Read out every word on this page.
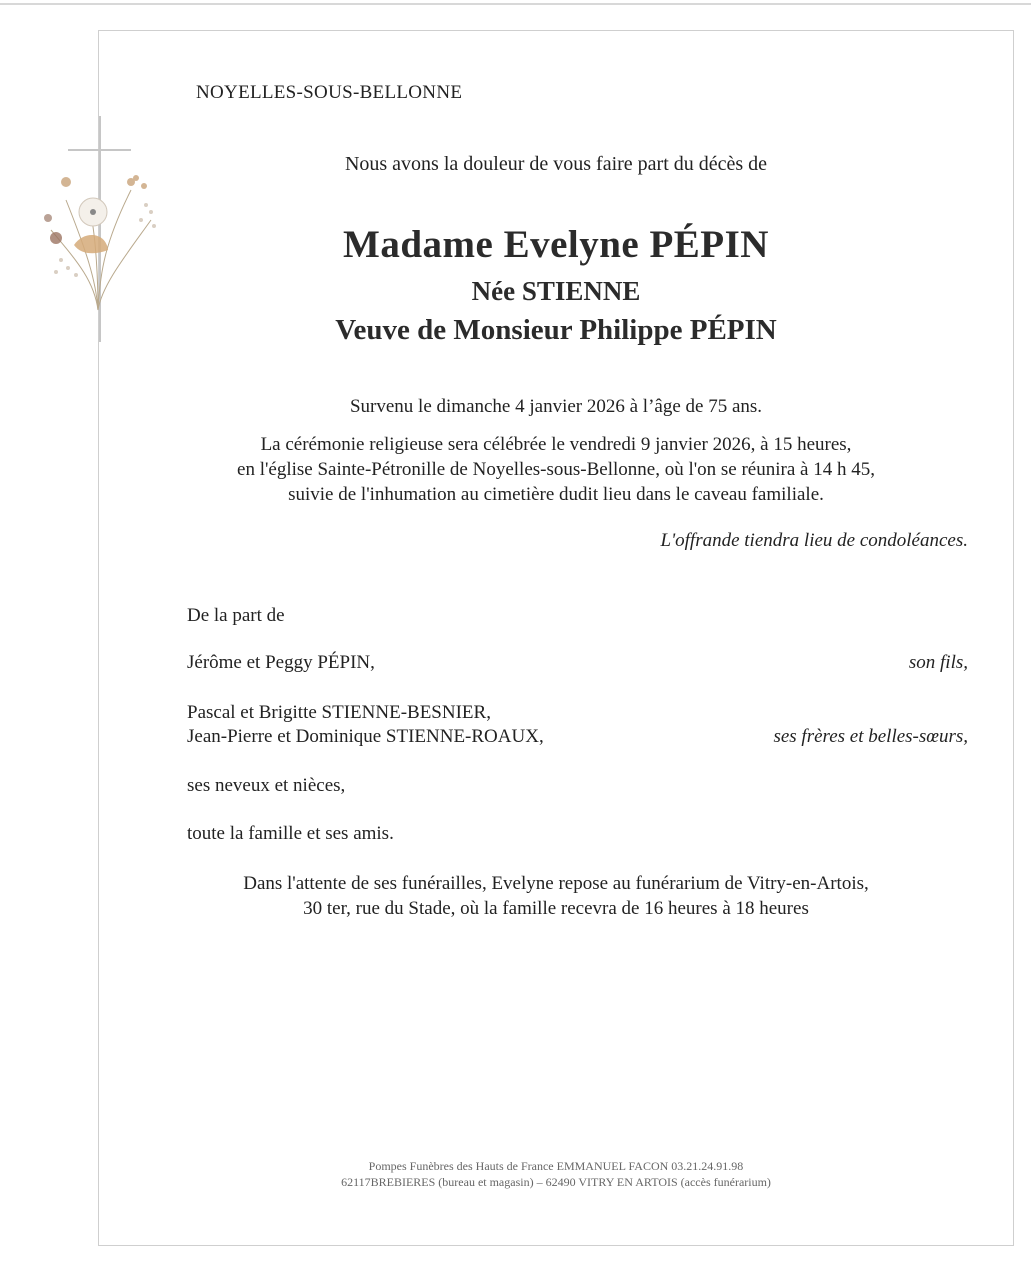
NOYELLES-SOUS-BELLONNE
Nous avons la douleur de vous faire part du décès de
Madame Evelyne PÉPIN
Née STIENNE
Veuve de Monsieur Philippe PÉPIN
Survenu le dimanche 4 janvier 2026 à l’âge de 75 ans.
La cérémonie religieuse sera célébrée le vendredi 9 janvier 2026, à 15 heures,
en l'église Sainte-Pétronille de Noyelles-sous-Bellonne, où l'on se réunira à 14 h 45,
suivie de l'inhumation au cimetière dudit lieu dans le caveau familiale.
L'offrande tiendra lieu de condoléances.
De la part de
Jérôme et Peggy PÉPIN,	son fils,
Pascal et Brigitte STIENNE-BESNIER,
Jean-Pierre et Dominique STIENNE-ROAUX,	ses frères et belles-sœurs,
ses neveux et nièces,
toute la famille et ses amis.
Dans l'attente de ses funérailles, Evelyne repose au funérarium de Vitry-en-Artois,
30 ter, rue du Stade, où la famille recevra de 16 heures à 18 heures
Pompes Funèbres des Hauts de France EMMANUEL FACON 03.21.24.91.98
62117BREBIERES (bureau et magasin) – 62490 VITRY EN ARTOIS (accès funérarium)
